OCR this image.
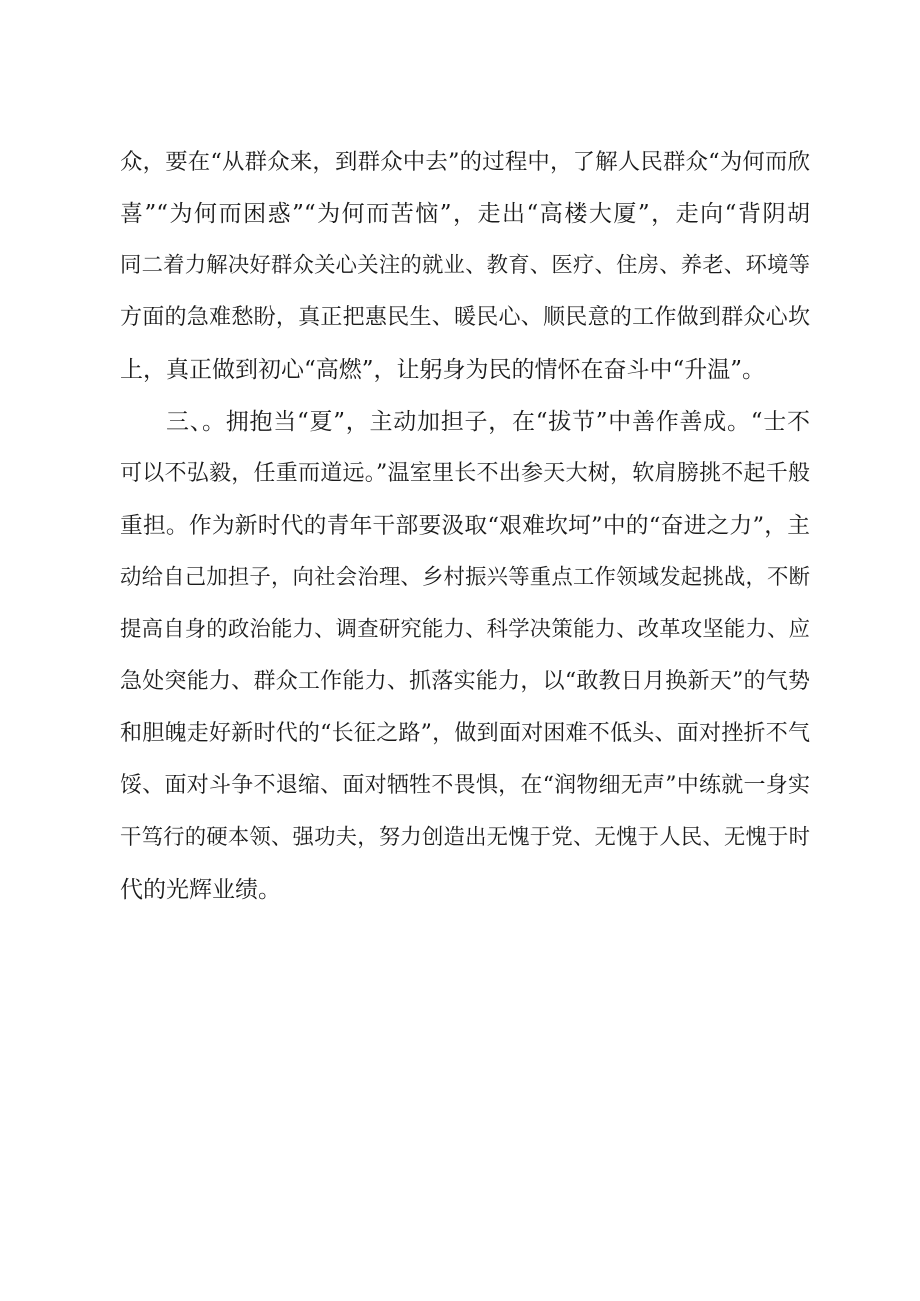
众，要在“从群众来，到群众中去”的过程中，了解人民群众“为何而欣

喜”“为何而困惑”“为何而苦恼”，走出“高楼大厦”，走向“背阴胡

同二着力解决好群众关心关注的就业、教育、医疗、住房、养老、环境等

方面的急难愁盼，真正把惠民生、暖民心、顺民意的工作做到群众心坎

上，真正做到初心“高燃”，让躬身为民的情怀在奋斗中“升温”。

三、。拥抱当“夏”，主动加担子，在“拔节”中善作善成。“士不

可以不弘毅，任重而道远。”温室里长不出参天大树，软肩膀挑不起千般

重担。作为新时代的青年干部要汲取“艰难坎坷”中的“奋进之力”，主

动给自己加担子，向社会治理、乡村振兴等重点工作领域发起挑战，不断

提高自身的政治能力、调查研究能力、科学决策能力、改革攻坚能力、应

急处突能力、群众工作能力、抓落实能力，以“敢教日月换新天”的气势

和胆魄走好新时代的“长征之路”，做到面对困难不低头、面对挫折不气

馁、面对斗争不退缩、面对牺牲不畏惧，在“润物细无声”中练就一身实

干笃行的硬本领、强功夫，努力创造出无愧于党、无愧于人民、无愧于时

代的光辉业绩。
